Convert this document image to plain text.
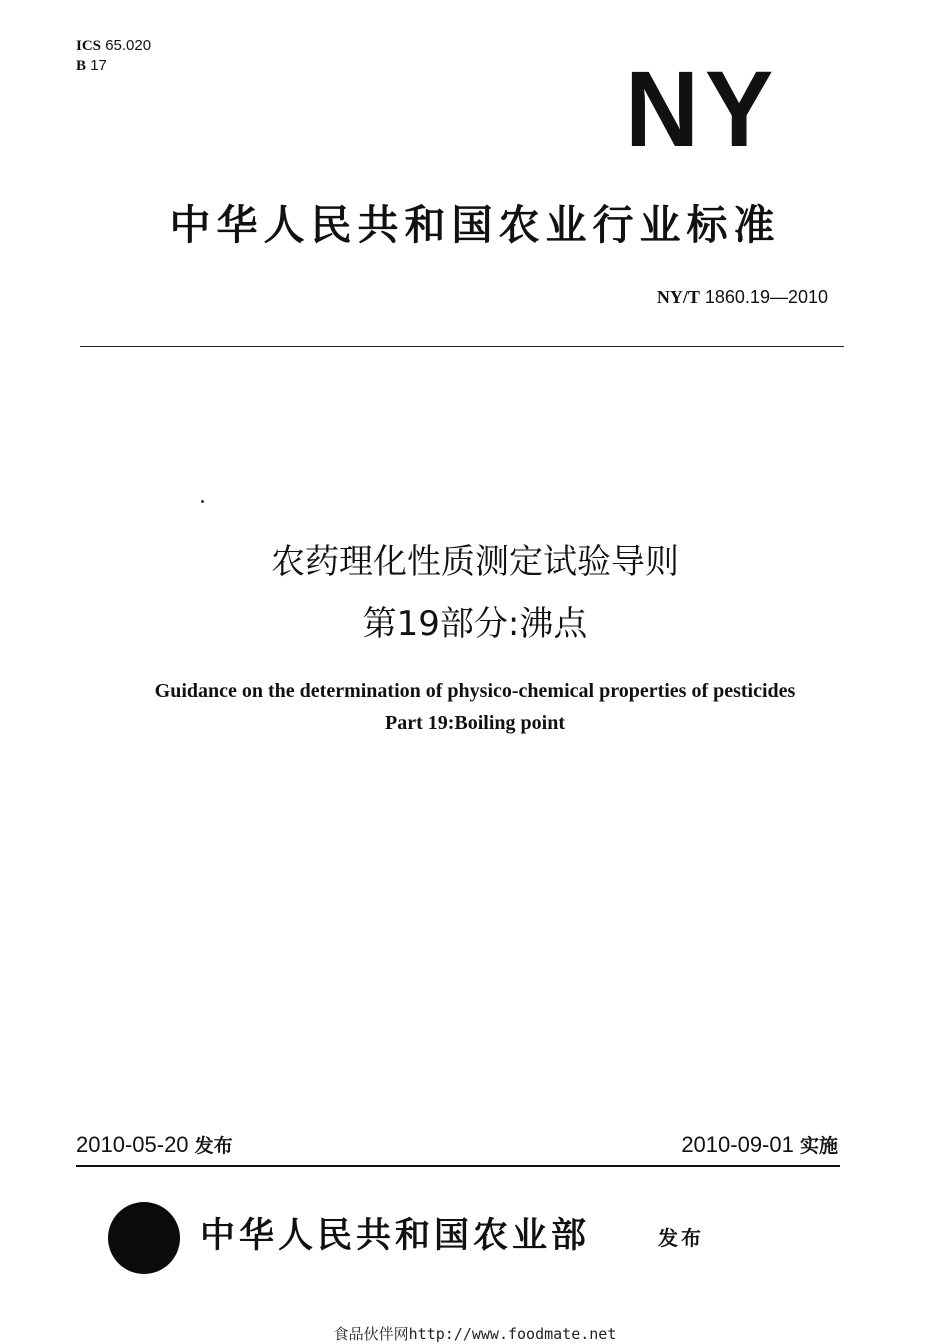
ICS 65.020
B 17	NY
中华人民共和国农业行业标准
NY/T 1860.19—2010
农药理化性质测定试验导则
第19部分:沸点
Guidance on the determination of physico-chemical properties of pesticides
Part 19:Boiling point
2010-05-20 发布	2010-09-01 实施
中华人民共和国农业部	发布
食品伙伴网http://www.foodmate.net
